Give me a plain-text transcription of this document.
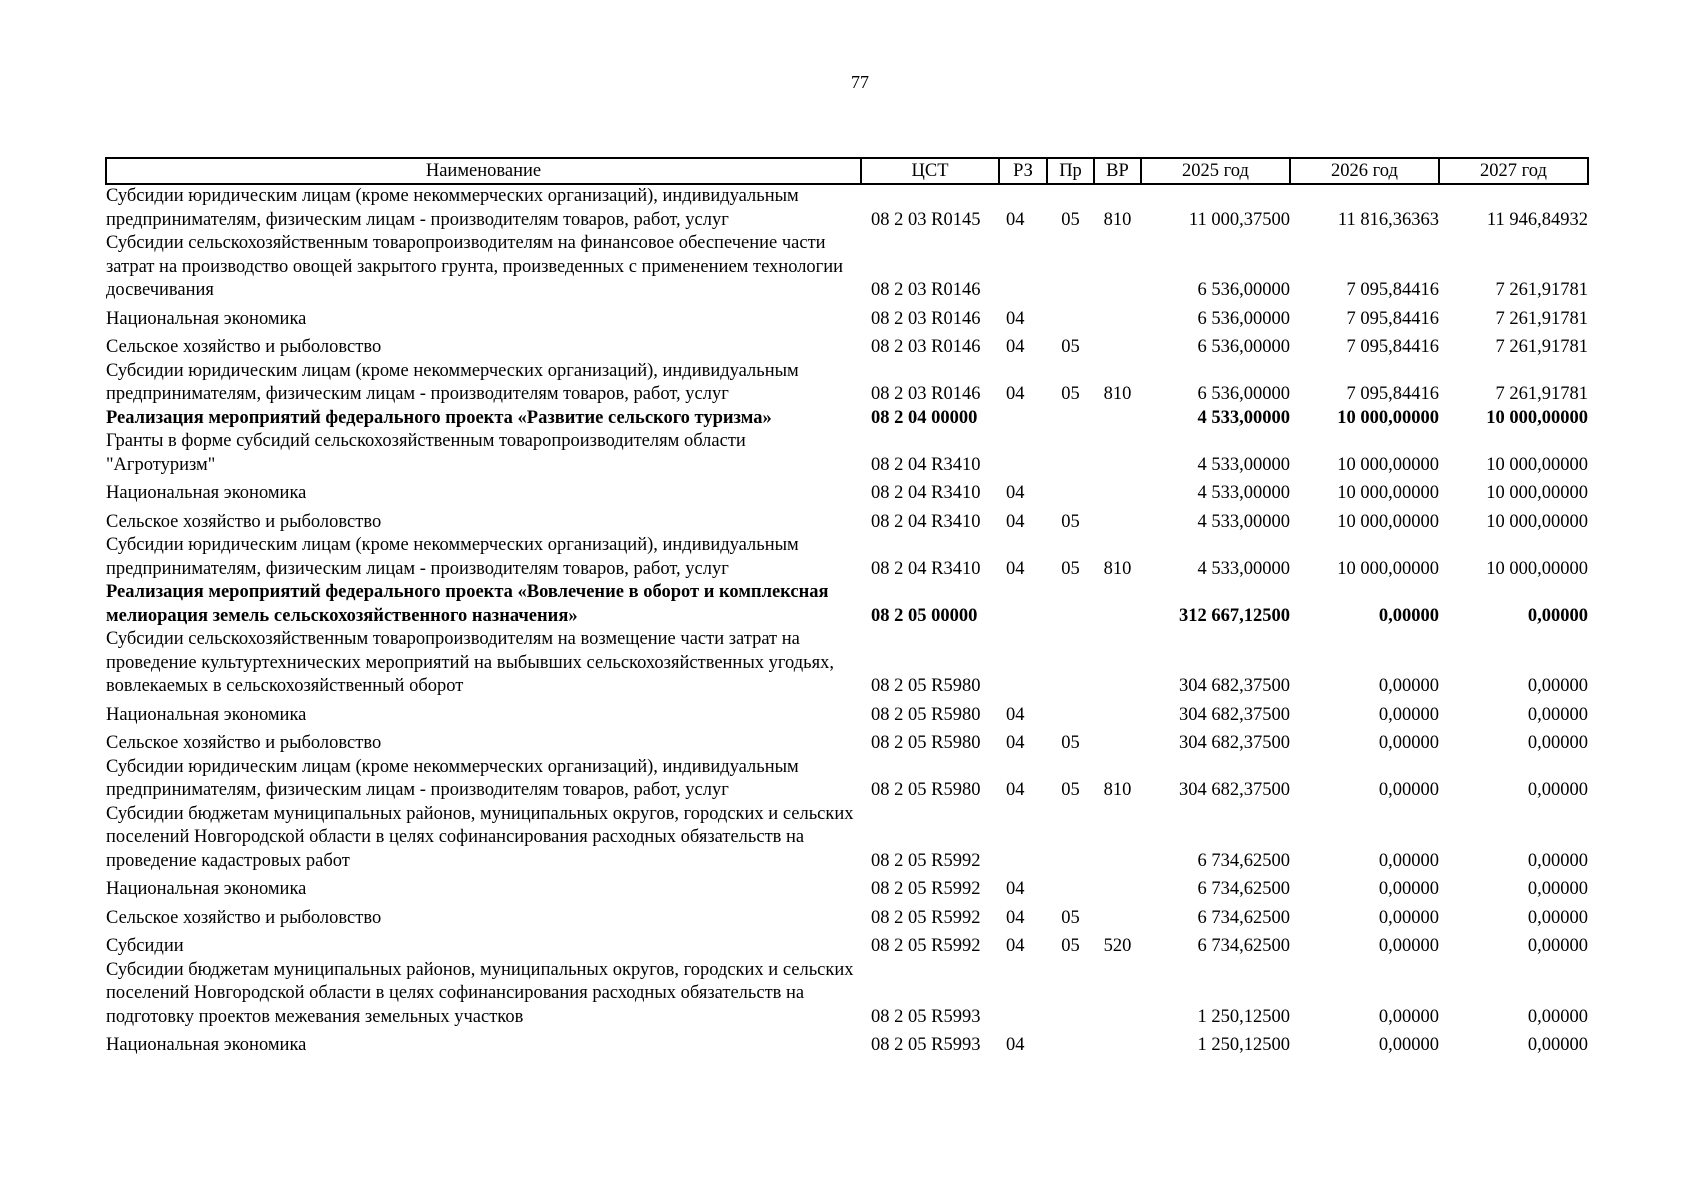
77
Наименование	ЦСТ	РЗ	Пр	ВР	2025 год	2026 год	2027 год
Субсидии юридическим лицам (кроме некоммерческих организаций), индивидуальным предпринимателям, физическим лицам - производителям товаров, работ, услуг	08 2 03 R0145	04	05	810	11 000,37500	11 816,36363	11 946,84932
Субсидии сельскохозяйственным товаропроизводителям на финансовое обеспечение части затрат на производство овощей закрытого грунта, произведенных с применением технологии досвечивания	08 2 03 R0146				6 536,00000	7 095,84416	7 261,91781
Национальная экономика	08 2 03 R0146	04			6 536,00000	7 095,84416	7 261,91781
Сельское хозяйство и рыболовство	08 2 03 R0146	04	05		6 536,00000	7 095,84416	7 261,91781
Субсидии юридическим лицам (кроме некоммерческих организаций), индивидуальным предпринимателям, физическим лицам - производителям товаров, работ, услуг	08 2 03 R0146	04	05	810	6 536,00000	7 095,84416	7 261,91781
Реализация мероприятий федерального проекта «Развитие сельского туризма»	08 2 04 00000				4 533,00000	10 000,00000	10 000,00000
Гранты в форме субсидий сельскохозяйственным товаропроизводителям области "Агротуризм"	08 2 04 R3410				4 533,00000	10 000,00000	10 000,00000
Национальная экономика	08 2 04 R3410	04			4 533,00000	10 000,00000	10 000,00000
Сельское хозяйство и рыболовство	08 2 04 R3410	04	05		4 533,00000	10 000,00000	10 000,00000
Субсидии юридическим лицам (кроме некоммерческих организаций), индивидуальным предпринимателям, физическим лицам - производителям товаров, работ, услуг	08 2 04 R3410	04	05	810	4 533,00000	10 000,00000	10 000,00000
Реализация мероприятий федерального проекта «Вовлечение в оборот и комплексная мелиорация земель сельскохозяйственного назначения»	08 2 05 00000				312 667,12500	0,00000	0,00000
Субсидии сельскохозяйственным товаропроизводителям на возмещение части затрат на проведение культуртехнических мероприятий на выбывших сельскохозяйственных угодьях, вовлекаемых в сельскохозяйственный оборот	08 2 05 R5980				304 682,37500	0,00000	0,00000
Национальная экономика	08 2 05 R5980	04			304 682,37500	0,00000	0,00000
Сельское хозяйство и рыболовство	08 2 05 R5980	04	05		304 682,37500	0,00000	0,00000
Субсидии юридическим лицам (кроме некоммерческих организаций), индивидуальным предпринимателям, физическим лицам - производителям товаров, работ, услуг	08 2 05 R5980	04	05	810	304 682,37500	0,00000	0,00000
Субсидии бюджетам муниципальных районов, муниципальных округов, городских и сельских поселений Новгородской области в целях софинансирования расходных обязательств на проведение кадастровых работ	08 2 05 R5992				6 734,62500	0,00000	0,00000
Национальная экономика	08 2 05 R5992	04			6 734,62500	0,00000	0,00000
Сельское хозяйство и рыболовство	08 2 05 R5992	04	05		6 734,62500	0,00000	0,00000
Субсидии	08 2 05 R5992	04	05	520	6 734,62500	0,00000	0,00000
Субсидии бюджетам муниципальных районов, муниципальных округов, городских и сельских поселений Новгородской области в целях софинансирования расходных обязательств на подготовку проектов межевания земельных участков	08 2 05 R5993				1 250,12500	0,00000	0,00000
Национальная экономика	08 2 05 R5993	04			1 250,12500	0,00000	0,00000
